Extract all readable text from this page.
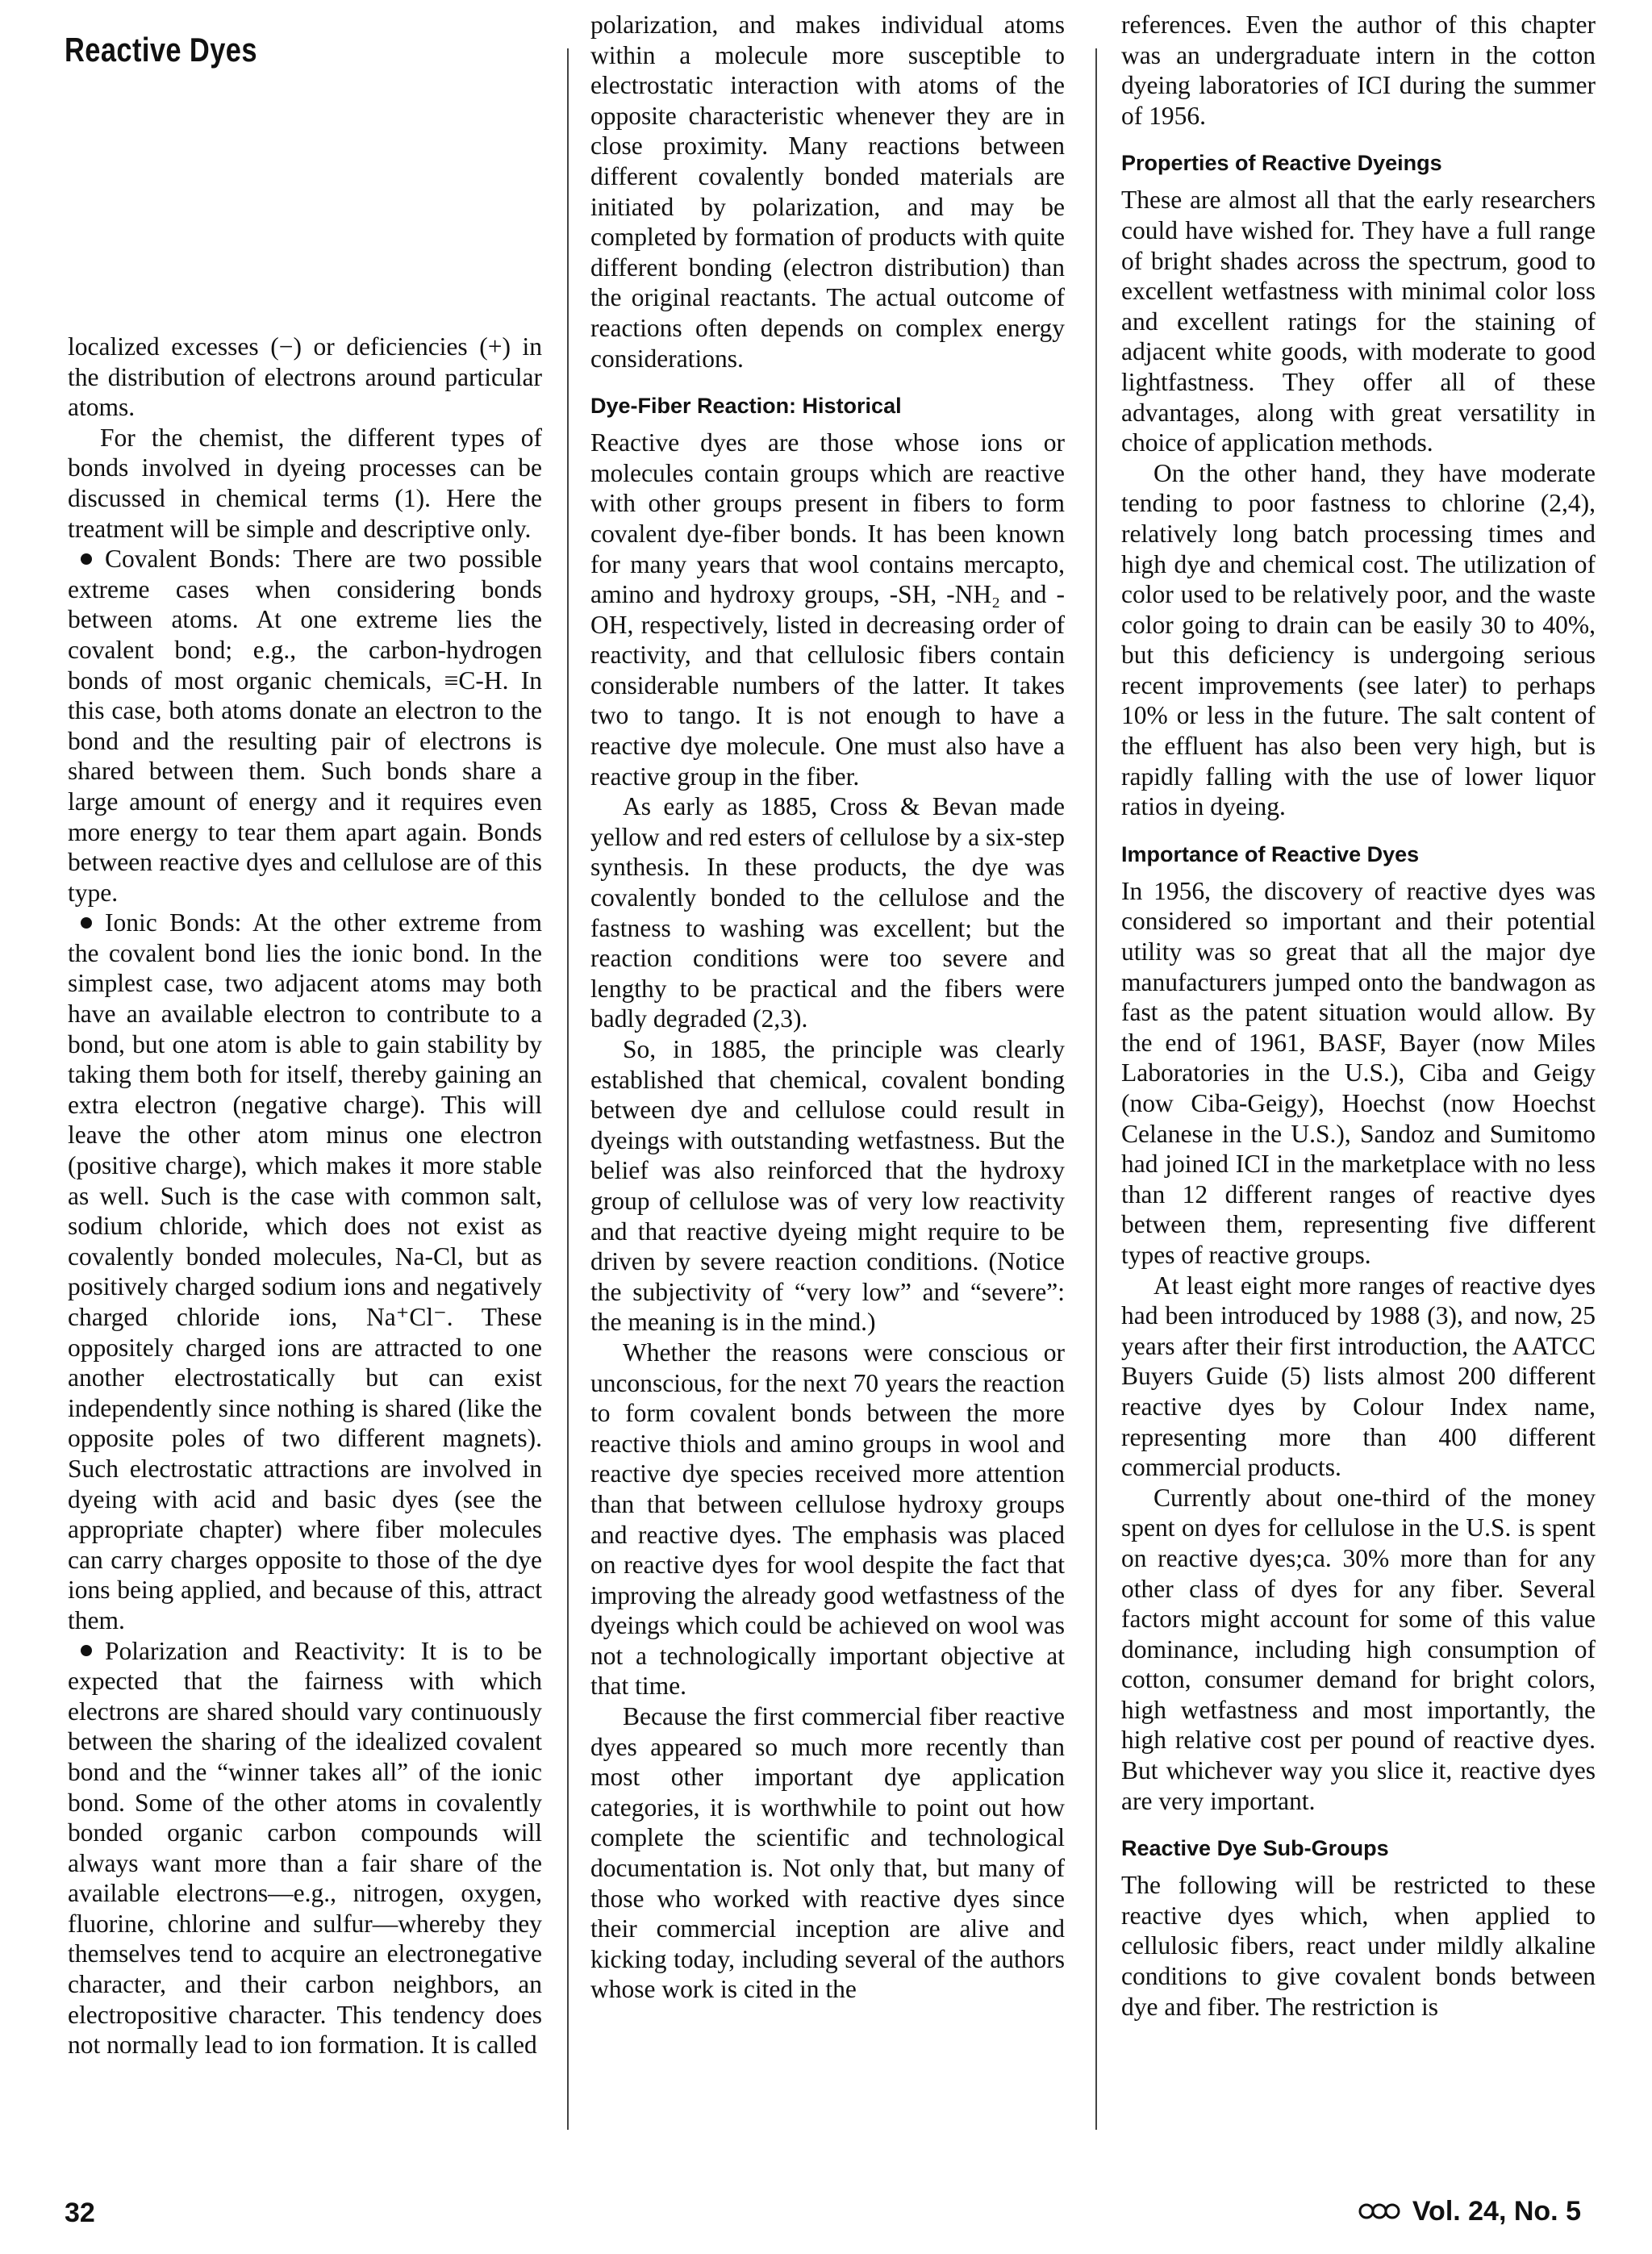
Reactive Dyes

localized excesses (−) or deficiencies (+) in the distribution of electrons around particular atoms.

For the chemist, the different types of bonds involved in dyeing processes can be discussed in chemical terms (1). Here the treatment will be simple and descriptive only.

Covalent Bonds: There are two possible extreme cases when considering bonds between atoms. At one extreme lies the covalent bond; e.g., the carbon-hydrogen bonds of most organic chemicals, ≡C-H. In this case, both atoms donate an electron to the bond and the resulting pair of electrons is shared between them. Such bonds share a large amount of energy and it requires even more energy to tear them apart again. Bonds between reactive dyes and cellulose are of this type.

Ionic Bonds: At the other extreme from the covalent bond lies the ionic bond. In the simplest case, two adjacent atoms may both have an available electron to contribute to a bond, but one atom is able to gain stability by taking them both for itself, thereby gaining an extra electron (negative charge). This will leave the other atom minus one electron (positive charge), which makes it more stable as well. Such is the case with common salt, sodium chloride, which does not exist as covalently bonded molecules, Na-Cl, but as positively charged sodium ions and negatively charged chloride ions, Na⁺Cl⁻. These oppositely charged ions are attracted to one another electrostatically but can exist independently since nothing is shared (like the opposite poles of two different magnets). Such electrostatic attractions are involved in dyeing with acid and basic dyes (see the appropriate chapter) where fiber molecules can carry charges opposite to those of the dye ions being applied, and because of this, attract them.

Polarization and Reactivity: It is to be expected that the fairness with which electrons are shared should vary continuously between the sharing of the idealized covalent bond and the “winner takes all” of the ionic bond. Some of the other atoms in covalently bonded organic carbon compounds will always want more than a fair share of the available electrons—e.g., nitrogen, oxygen, fluorine, chlorine and sulfur—whereby they themselves tend to acquire an electronegative character, and their carbon neighbors, an electropositive character. This tendency does not normally lead to ion formation. It is called

polarization, and makes individual atoms within a molecule more susceptible to electrostatic interaction with atoms of the opposite characteristic whenever they are in close proximity. Many reactions between different covalently bonded materials are initiated by polarization, and may be completed by formation of products with quite different bonding (electron distribution) than the original reactants. The actual outcome of reactions often depends on complex energy considerations.

Dye-Fiber Reaction: Historical

Reactive dyes are those whose ions or molecules contain groups which are reactive with other groups present in fibers to form covalent dye-fiber bonds. It has been known for many years that wool contains mercapto, amino and hydroxy groups, -SH, -NH₂ and -OH, respectively, listed in decreasing order of reactivity, and that cellulosic fibers contain considerable numbers of the latter. It takes two to tango. It is not enough to have a reactive dye molecule. One must also have a reactive group in the fiber.

As early as 1885, Cross & Bevan made yellow and red esters of cellulose by a six-step synthesis. In these products, the dye was covalently bonded to the cellulose and the fastness to washing was excellent; but the reaction conditions were too severe and lengthy to be practical and the fibers were badly degraded (2,3).

So, in 1885, the principle was clearly established that chemical, covalent bonding between dye and cellulose could result in dyeings with outstanding wetfastness. But the belief was also reinforced that the hydroxy group of cellulose was of very low reactivity and that reactive dyeing might require to be driven by severe reaction conditions. (Notice the subjectivity of “very low” and “severe”: the meaning is in the mind.)

Whether the reasons were conscious or unconscious, for the next 70 years the reaction to form covalent bonds between the more reactive thiols and amino groups in wool and reactive dye species received more attention than that between cellulose hydroxy groups and reactive dyes. The emphasis was placed on reactive dyes for wool despite the fact that improving the already good wetfastness of the dyeings which could be achieved on wool was not a technologically important objective at that time.

Because the first commercial fiber reactive dyes appeared so much more recently than most other important dye application categories, it is worthwhile to point out how complete the scientific and technological documentation is. Not only that, but many of those who worked with reactive dyes since their commercial inception are alive and kicking today, including several of the authors whose work is cited in the

references. Even the author of this chapter was an undergraduate intern in the cotton dyeing laboratories of ICI during the summer of 1956.

Properties of Reactive Dyeings

These are almost all that the early researchers could have wished for. They have a full range of bright shades across the spectrum, good to excellent wetfastness with minimal color loss and excellent ratings for the staining of adjacent white goods, with moderate to good lightfastness. They offer all of these advantages, along with great versatility in choice of application methods.

On the other hand, they have moderate tending to poor fastness to chlorine (2,4), relatively long batch processing times and high dye and chemical cost. The utilization of color used to be relatively poor, and the waste color going to drain can be easily 30 to 40%, but this deficiency is undergoing serious recent improvements (see later) to perhaps 10% or less in the future. The salt content of the effluent has also been very high, but is rapidly falling with the use of lower liquor ratios in dyeing.

Importance of Reactive Dyes

In 1956, the discovery of reactive dyes was considered so important and their potential utility was so great that all the major dye manufacturers jumped onto the bandwagon as fast as the patent situation would allow. By the end of 1961, BASF, Bayer (now Miles Laboratories in the U.S.), Ciba and Geigy (now Ciba-Geigy), Hoechst (now Hoechst Celanese in the U.S.), Sandoz and Sumitomo had joined ICI in the marketplace with no less than 12 different ranges of reactive dyes between them, representing five different types of reactive groups.

At least eight more ranges of reactive dyes had been introduced by 1988 (3), and now, 25 years after their first introduction, the AATCC Buyers Guide (5) lists almost 200 different reactive dyes by Colour Index name, representing more than 400 different commercial products.

Currently about one-third of the money spent on dyes for cellulose in the U.S. is spent on reactive dyes;ca. 30% more than for any other class of dyes for any fiber. Several factors might account for some of this value dominance, including high consumption of cotton, consumer demand for bright colors, high wetfastness and most importantly, the high relative cost per pound of reactive dyes. But whichever way you slice it, reactive dyes are very important.

Reactive Dye Sub-Groups

The following will be restricted to these reactive dyes which, when applied to cellulosic fibers, react under mildly alkaline conditions to give covalent bonds between dye and fiber. The restriction is

32	Vol. 24, No. 5
